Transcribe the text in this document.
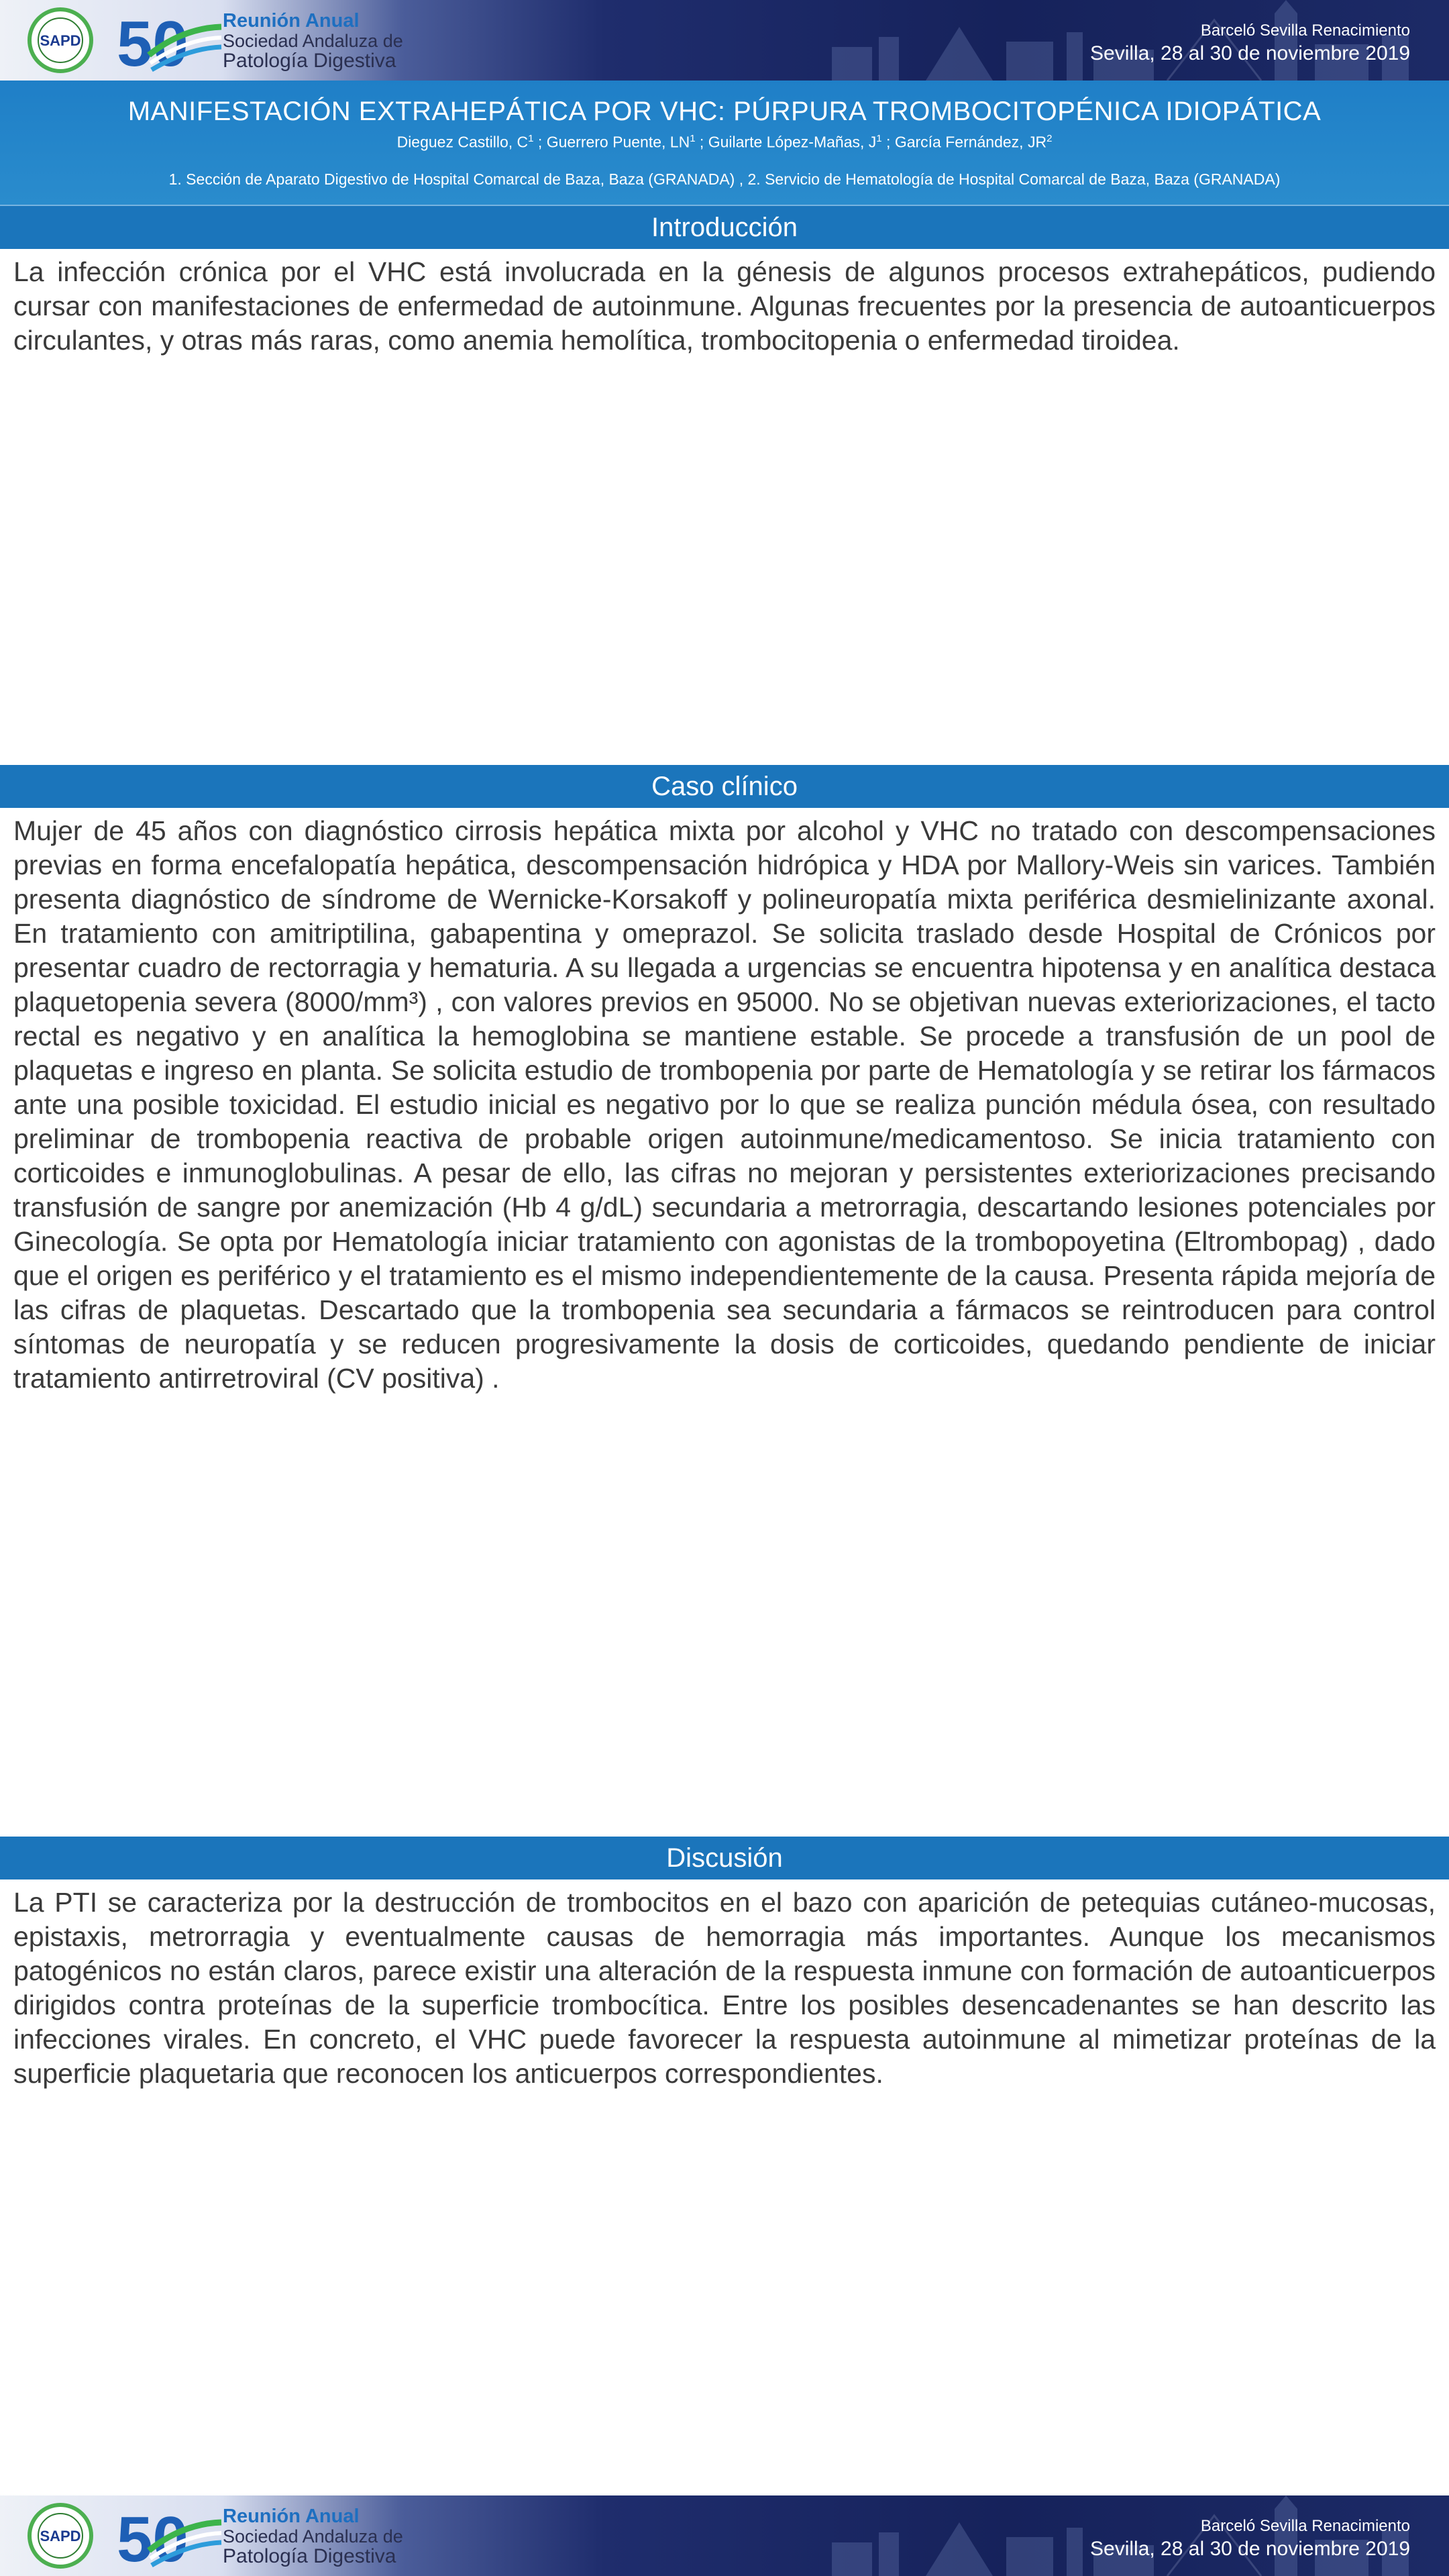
SAPD 50 Reunión Anual
Sociedad Andaluza de
Patología Digestiva
Barceló Sevilla Renacimiento
Sevilla, 28 al 30 de noviembre 2019
MANIFESTACIÓN EXTRAHEPÁTICA POR VHC: PÚRPURA TROMBOCITOPÉNICA IDIOPÁTICA
Dieguez Castillo, $C^1$ ; Guerrero Puente, $LN^1$ ; Guilarte López-Mañas, $J^1$ ; García Fernández, $JR^2$
1. Sección de Aparato Digestivo de Hospital Comarcal de Baza, Baza (GRANADA) , 2. Servicio de Hematología de Hospital Comarcal de Baza, Baza (GRANADA)
Introducción

La infección crónica por el VHC está involucrada en la génesis de algunos procesos extrahepáticos, pudiendo cursar con manifestaciones de enfermedad de autoinmune. Algunas frecuentes por la presencia de autoanticuerpos circulantes, y otras más raras, como anemia hemolítica, trombocitopenia o enfermedad tiroidea.

Caso clínico

Mujer de 45 años con diagnóstico cirrosis hepática mixta por alcohol y VHC no tratado con descompensaciones previas en forma encefalopatía hepática, descompensación hidrópica y HDA por Mallory-Weis sin varices. También presenta diagnóstico de síndrome de Wernicke-Korsakoff y polineuropatía mixta periférica desmielinizante axonal. En tratamiento con amitriptilina, gabapentina y omeprazol. Se solicita traslado desde Hospital de Crónicos por presentar cuadro de rectorragia y hematuria. A su llegada a urgencias se encuentra hipotensa y en analítica destaca plaquetopenia severa (8000/mm³) , con valores previos en 95000. No se objetivan nuevas exteriorizaciones, el tacto rectal es negativo y en analítica la hemoglobina se mantiene estable. Se procede a transfusión de un pool de plaquetas e ingreso en planta. Se solicita estudio de trombopenia por parte de Hematología y se retirar los fármacos ante una posible toxicidad. El estudio inicial es negativo por lo que se realiza punción médula ósea, con resultado preliminar de trombopenia reactiva de probable origen autoinmune/medicamentoso. Se inicia tratamiento con corticoides e inmunoglobulinas. A pesar de ello, las cifras no mejoran y persistentes exteriorizaciones precisando transfusión de sangre por anemización (Hb 4 g/dL) secundaria a metrorragia, descartando lesiones potenciales por Ginecología. Se opta por Hematología iniciar tratamiento con agonistas de la trombopoyetina (Eltrombopag) , dado que el origen es periférico y el tratamiento es el mismo independientemente de la causa. Presenta rápida mejoría de las cifras de plaquetas. Descartado que la trombopenia sea secundaria a fármacos se reintroducen para control síntomas de neuropatía y se reducen progresivamente la dosis de corticoides, quedando pendiente de iniciar tratamiento antirretroviral (CV positiva) .

Discusión

La PTI se caracteriza por la destrucción de trombocitos en el bazo con aparición de petequias cutáneo-mucosas, epistaxis, metrorragia y eventualmente causas de hemorragia más importantes. Aunque los mecanismos patogénicos no están claros, parece existir una alteración de la respuesta inmune con formación de autoanticuerpos dirigidos contra proteínas de la superficie trombocítica. Entre los posibles desencadenantes se han descrito las infecciones virales. En concreto, el VHC puede favorecer la respuesta autoinmune al mimetizar proteínas de la superficie plaquetaria que reconocen los anticuerpos correspondientes.

SAPD 50 Reunión Anual
Sociedad Andaluza de
Patología Digestiva
Barceló Sevilla Renacimiento
Sevilla, 28 al 30 de noviembre 2019
